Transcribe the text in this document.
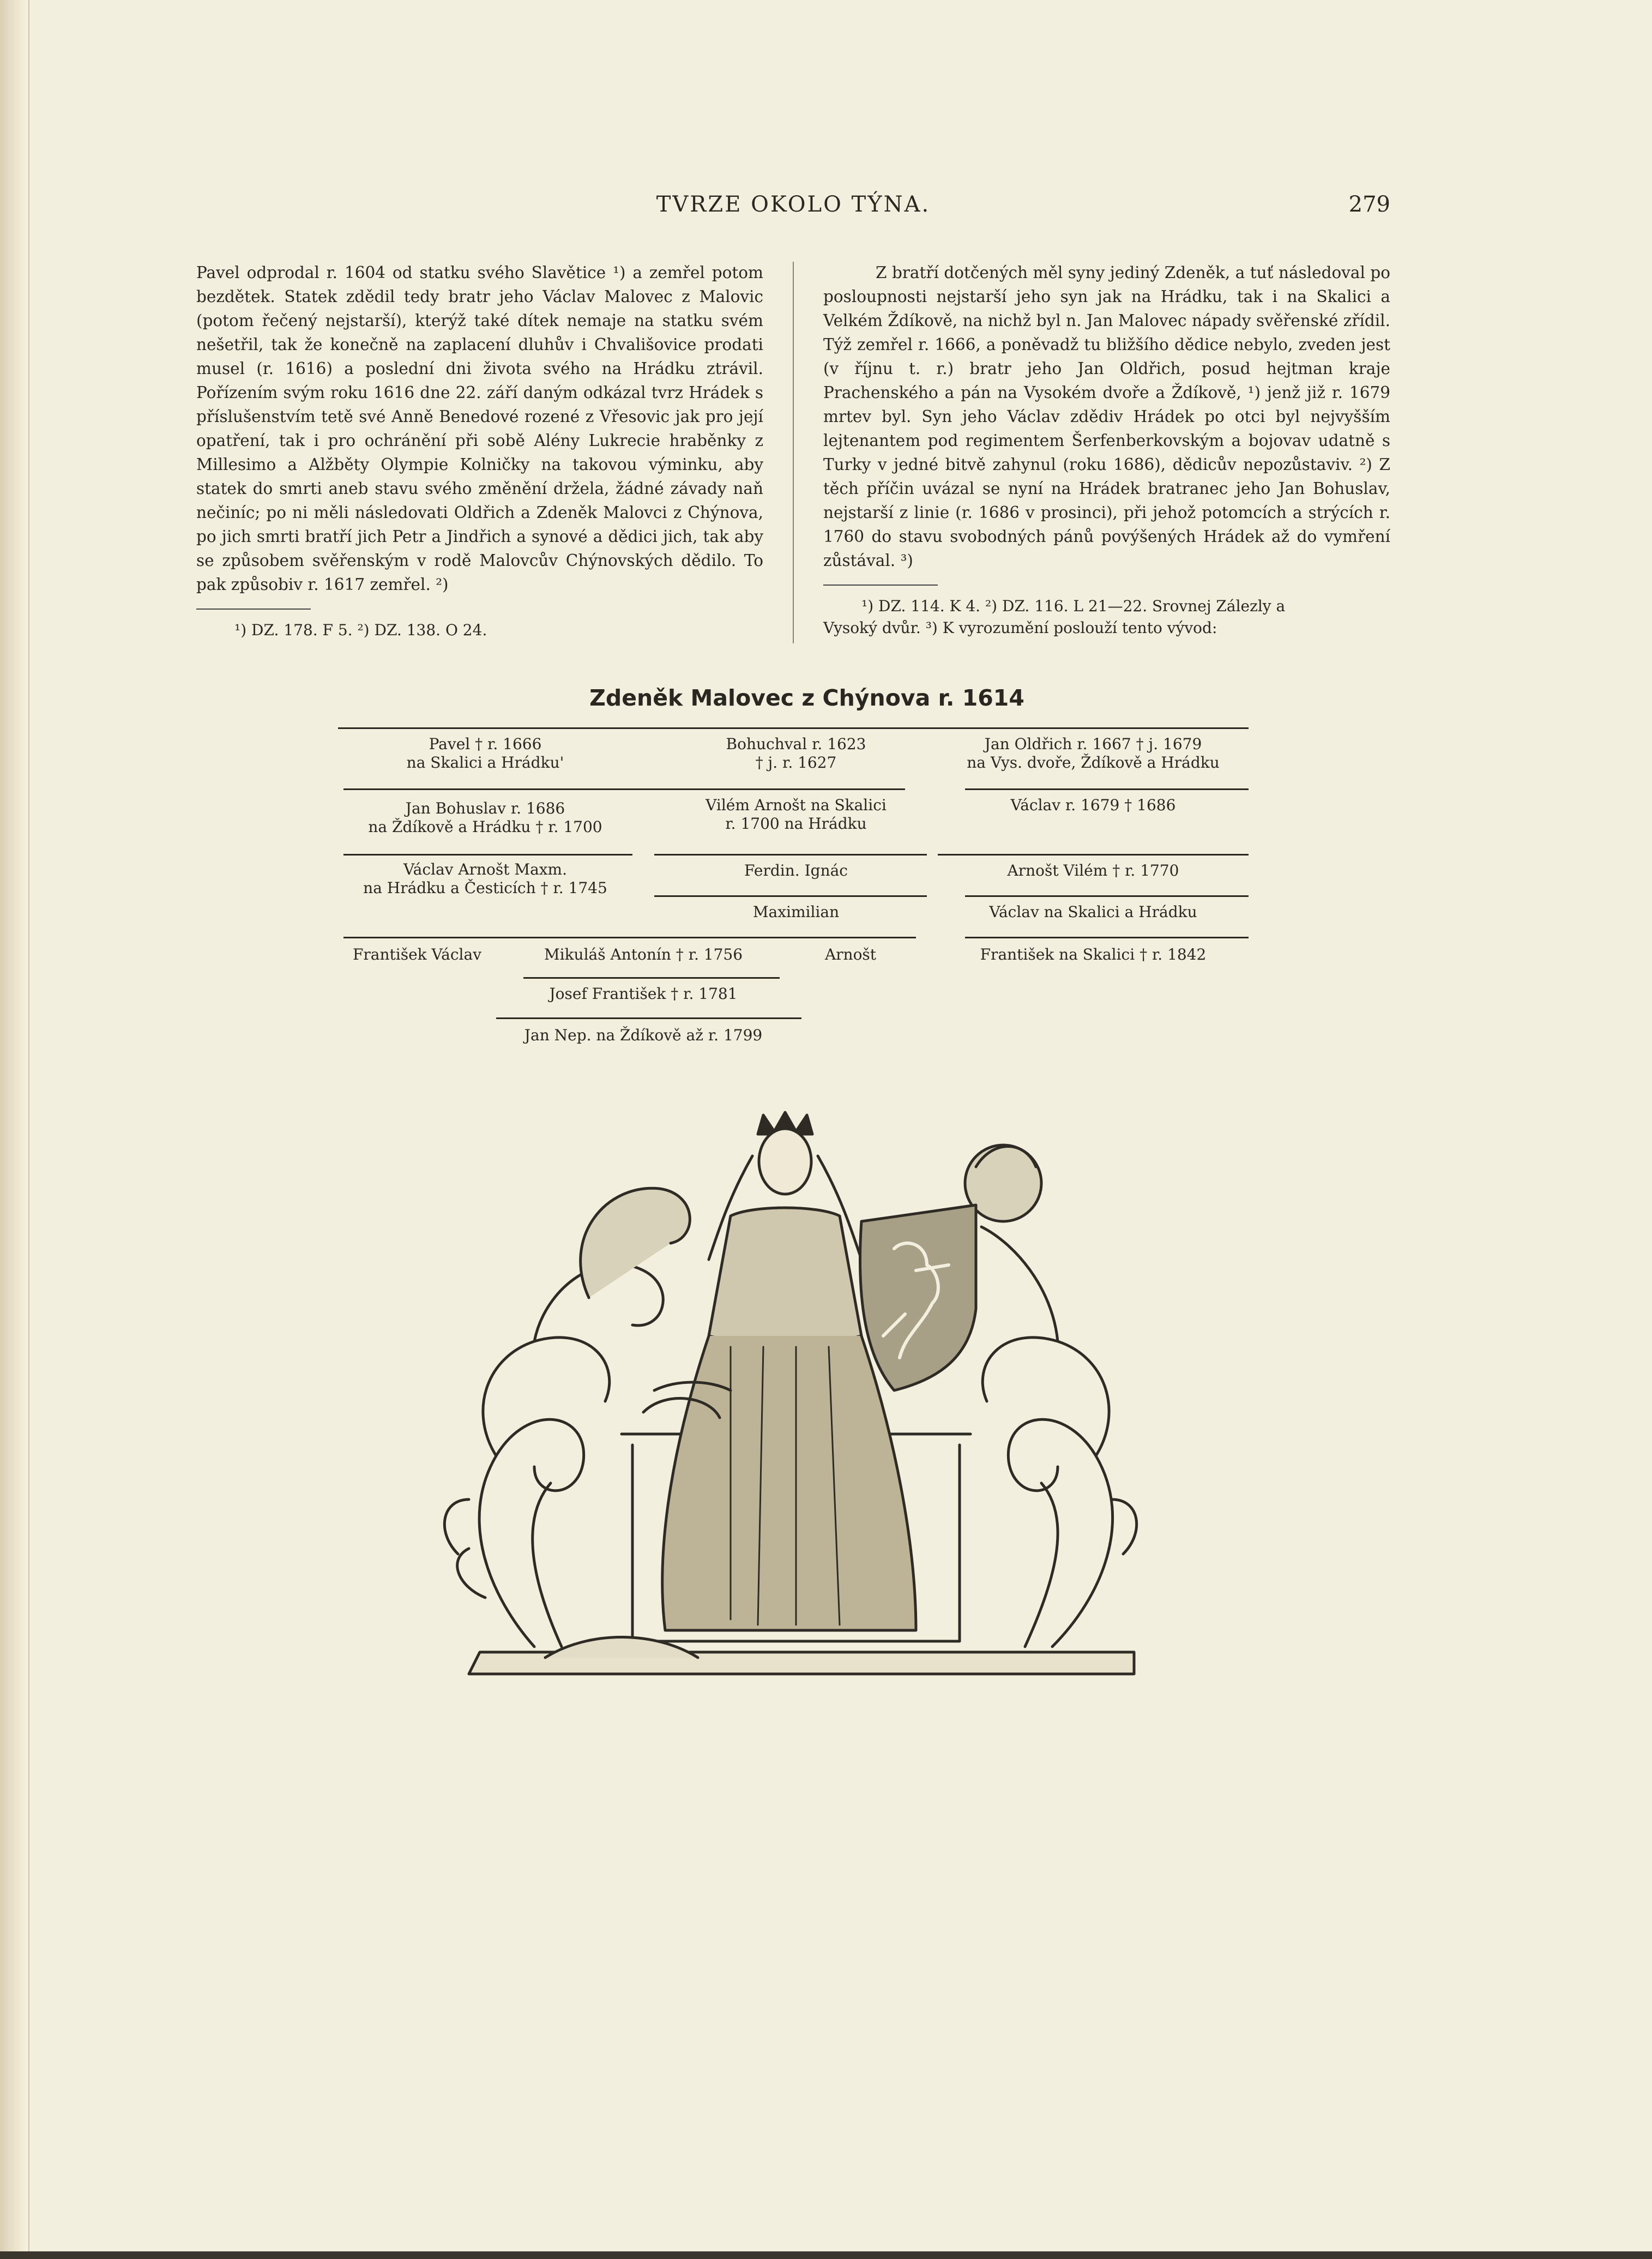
TVRZE OKOLO TÝNA.	279

Pavel odprodal r. 1604 od statku svého Slavětice ¹) a zemřel potom bezdětek. Statek zdědil tedy bratr jeho Václav Malovec z Malovic (potom řečený nejstarší), kterýž také dítek nemaje na statku svém nešetřil, tak že konečně na zaplacení dluhův i Chvališovice prodati musel (r. 1616) a poslední dni života svého na Hrádku ztrávil. Pořízením svým roku 1616 dne 22. září daným odkázal tvrz Hrádek s příslušenstvím tetě své Anně Benedové rozené z Vřesovic jak pro její opatření, tak i pro ochránění při sobě Alény Lukrecie hraběnky z Millesimo a Alžběty Olympie Kolničky na takovou výminku, aby statek do smrti aneb stavu svého změnění držela, žádné závady naň nečiníc; po ni měli následovati Oldřich a Zdeněk Malovci z Chýnova, po jich smrti bratří jich Petr a Jindřich a synové a dědici jich, tak aby se způsobem svěřenským v rodě Malovcův Chýnovských dědilo. To pak způsobiv r. 1617 zemřel. ²)

¹) DZ. 178. F 5. ²) DZ. 138. O 24.

Z bratří dotčených měl syny jediný Zdeněk, a tuť následoval po posloupnosti nejstarší jeho syn jak na Hrádku, tak i na Skalici a Velkém Ždíkově, na nichž byl n. Jan Malovec nápady svěřenské zřídil. Týž zemřel r. 1666, a poněvadž tu bližšího dědice nebylo, zveden jest (v říjnu t. r.) bratr jeho Jan Oldřich, posud hejtman kraje Prachenského a pán na Vysokém dvoře a Ždíkově, ¹) jenž již r. 1679 mrtev byl. Syn jeho Václav zdědiv Hrádek po otci byl nejvyšším lejtenantem pod regimentem Šerfenberkovským a bojovav udatně s Turky v jedné bitvě zahynul (roku 1686), dědicův nepozůstaviv. ²) Z těch příčin uvázal se nyní na Hrádek bratranec jeho Jan Bohuslav, nejstarší z linie (r. 1686 v prosinci), při jehož potomcích a strýcích r. 1760 do stavu svobodných pánů povýšených Hrádek až do vymření zůstával. ³)

¹) DZ. 114. K 4. ²) DZ. 116. L 21—22. Srovnej Zálezly a

Vysoký dvůr. ³) K vyrozumění poslouží tento vývod:

Zdeněk Malovec z Chýnova r. 1614
Pavel † r. 1666
na Skalici a Hrádku'
Bohuchval r. 1623
† j. r. 1627
Jan Oldřich r. 1667 † j. 1679
na Vys. dvoře, Ždíkově a Hrádku
Jan Bohuslav r. 1686
na Ždíkově a Hrádku † r. 1700
Vilém Arnošt na Skalici
r. 1700 na Hrádku
Václav r. 1679 † 1686
Václav Arnošt Maxm.
na Hrádku a Česticích † r. 1745
Ferdin. Ignác	Arnošt Vilém † r. 1770
Maximilian	Václav na Skalici a Hrádku
František Václav	Mikuláš Antonín † r. 1756	Arnošt	František na Skalici † r. 1842
Josef František † r. 1781
Jan Nep. na Ždíkově až r. 1799
